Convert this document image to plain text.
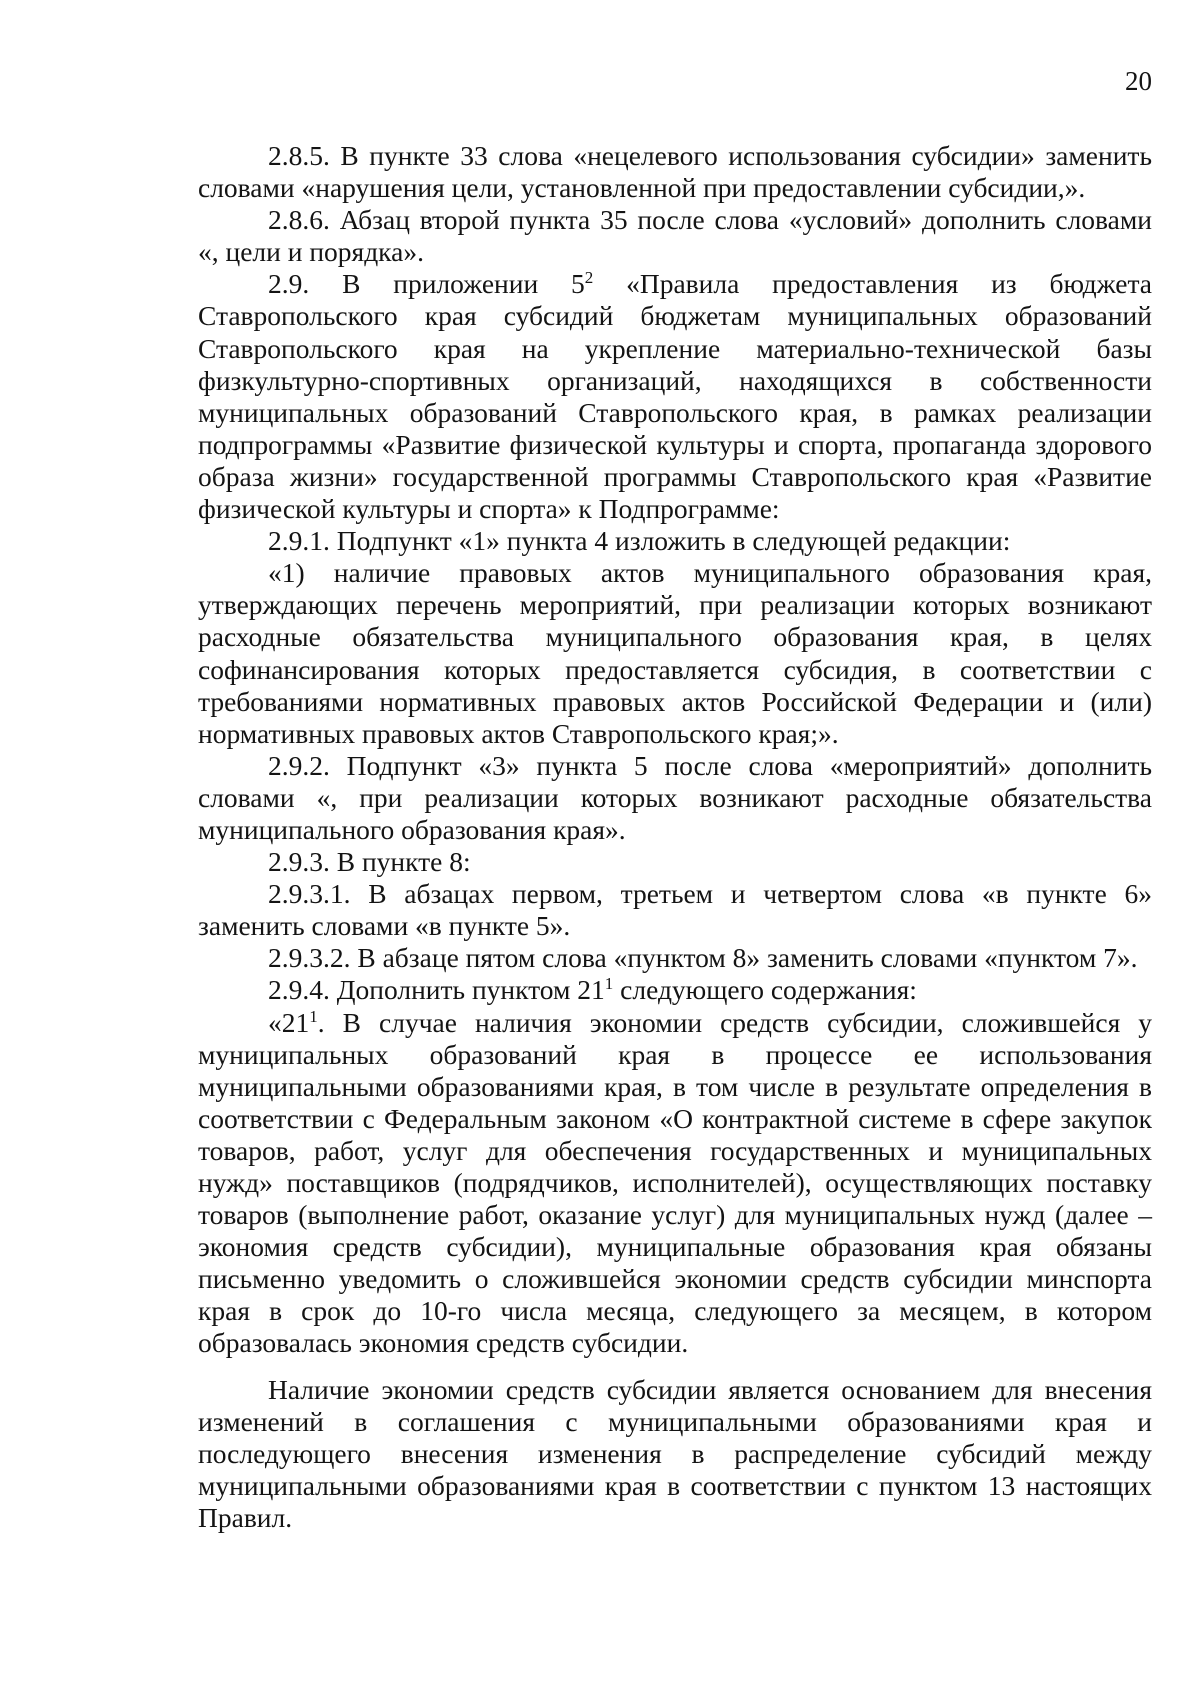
20

2.8.5. В пункте 33 слова «нецелевого использования субсидии» заменить словами «нарушения цели, установленной при предоставлении субсидии,».

2.8.6. Абзац второй пункта 35 после слова «условий» дополнить словами «, цели и порядка».

2.9. В приложении $5^2$ «Правила предоставления из бюджета Ставропольского края субсидий бюджетам муниципальных образований Ставропольского края на укрепление материально-технической базы физкультурно-спортивных организаций, находящихся в собственности муниципальных образований Ставропольского края, в рамках реализации подпрограммы «Развитие физической культуры и спорта, пропаганда здорового образа жизни» государственной программы Ставропольского края «Развитие физической культуры и спорта» к Подпрограмме:

2.9.1. Подпункт «1» пункта 4 изложить в следующей редакции:

«1) наличие правовых актов муниципального образования края, утверждающих перечень мероприятий, при реализации которых возникают расходные обязательства муниципального образования края, в целях софинансирования которых предоставляется субсидия, в соответствии с требованиями нормативных правовых актов Российской Федерации и (или) нормативных правовых актов Ставропольского края;».

2.9.2. Подпункт «3» пункта 5 после слова «мероприятий» дополнить словами «, при реализации которых возникают расходные обязательства муниципального образования края».

2.9.3. В пункте 8:

2.9.3.1. В абзацах первом, третьем и четвертом слова «в пункте 6» заменить словами «в пункте 5».

2.9.3.2. В абзаце пятом слова «пунктом 8» заменить словами «пунктом 7».

2.9.4. Дополнить пунктом $21^1$ следующего содержания:

«$21^1$. В случае наличия экономии средств субсидии, сложившейся у муниципальных образований края в процессе ее использования муниципальными образованиями края, в том числе в результате определения в соответствии с Федеральным законом «О контрактной системе в сфере закупок товаров, работ, услуг для обеспечения государственных и муниципальных нужд» поставщиков (подрядчиков, исполнителей), осуществляющих поставку товаров (выполнение работ, оказание услуг) для муниципальных нужд (далее – экономия средств субсидии), муниципальные образования края обязаны письменно уведомить о сложившейся экономии средств субсидии минспорта края в срок до 10-го числа месяца, следующего за месяцем, в котором образовалась экономия средств субсидии.

Наличие экономии средств субсидии является основанием для внесения изменений в соглашения с муниципальными образованиями края и последующего внесения изменения в распределение субсидий между муниципальными образованиями края в соответствии с пунктом 13 настоящих Правил.
